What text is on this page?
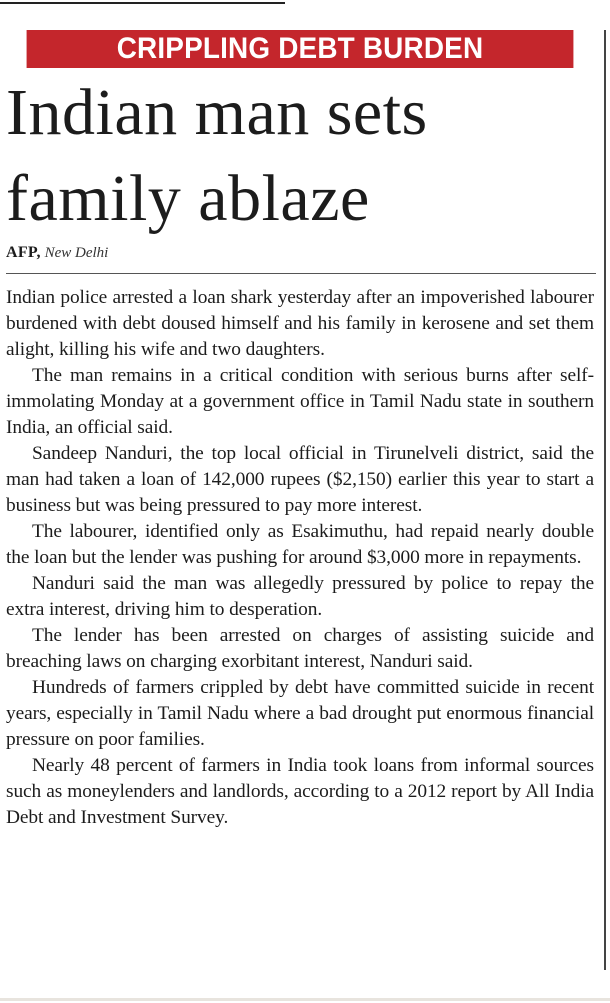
CRIPPLING DEBT BURDEN
Indian man sets
family ablaze
AFP, New Delhi

Indian police arrested a loan shark yesterday after an impoverished labourer burdened with debt doused himself and his family in kerosene and set them alight, killing his wife and two daughters.

The man remains in a critical condition with serious burns after self-immolating Monday at a government office in Tamil Nadu state in southern India, an official said.

Sandeep Nanduri, the top local official in Tirunelveli district, said the man had taken a loan of 142,000 rupees ($2,150) earlier this year to start a business but was being pressured to pay more interest.

The labourer, identified only as Esakimuthu, had repaid nearly double the loan but the lender was pushing for around $3,000 more in repayments.

Nanduri said the man was allegedly pressured by police to repay the extra interest, driving him to desperation.

The lender has been arrested on charges of assisting suicide and breaching laws on charging exorbitant interest, Nanduri said.

Hundreds of farmers crippled by debt have committed suicide in recent years, especially in Tamil Nadu where a bad drought put enormous financial pressure on poor families.

Nearly 48 percent of farmers in India took loans from informal sources such as moneylenders and landlords, according to a 2012 report by All India Debt and Investment Survey.
